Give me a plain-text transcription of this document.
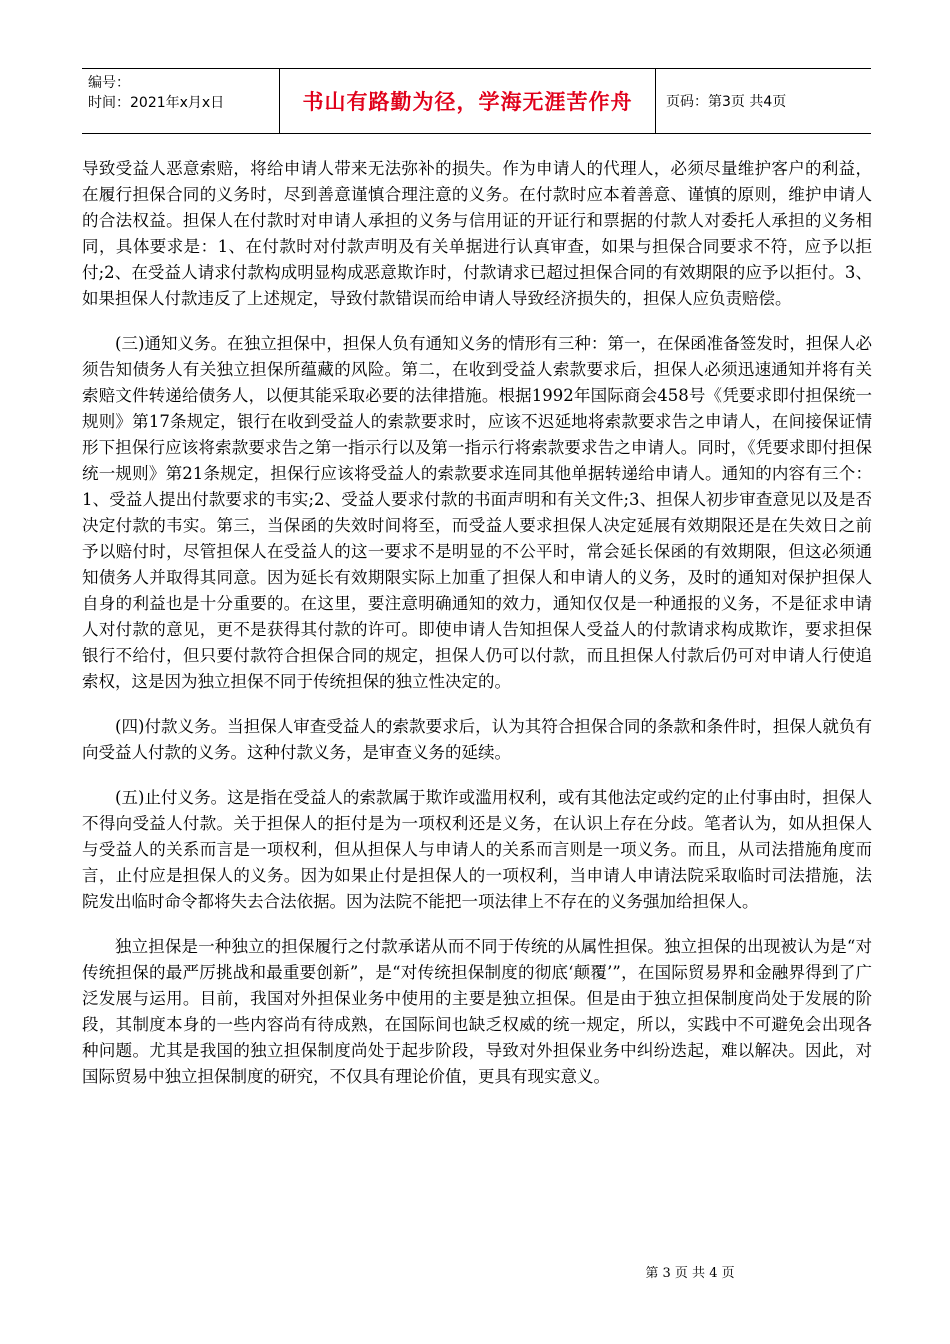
编号：
时间：2021年x月x日	书山有路勤为径，学海无涯苦作舟	页码：第3页 共4页

导致受益人恶意索赔，将给申请人带来无法弥补的损失。作为申请人的代理人，必须尽量维护客户的利益，在履行担保合同的义务时，尽到善意谨慎合理注意的义务。在付款时应本着善意、谨慎的原则，维护申请人的合法权益。担保人在付款时对申请人承担的义务与信用证的开证行和票据的付款人对委托人承担的义务相同，具体要求是：1、在付款时对付款声明及有关单据进行认真审查，如果与担保合同要求不符，应予以拒付;2、在受益人请求付款构成明显构成恶意欺诈时，付款请求已超过担保合同的有效期限的应予以拒付。3、如果担保人付款违反了上述规定，导致付款错误而给申请人导致经济损失的，担保人应负责赔偿。

(三)通知义务。在独立担保中，担保人负有通知义务的情形有三种：第一，在保函准备签发时，担保人必须告知债务人有关独立担保所蕴藏的风险。第二，在收到受益人索款要求后，担保人必须迅速通知并将有关索赔文件转递给债务人，以便其能采取必要的法律措施。根据1992年国际商会458号《凭要求即付担保统一规则》第17条规定，银行在收到受益人的索款要求时，应该不迟延地将索款要求告之申请人，在间接保证情形下担保行应该将索款要求告之第一指示行以及第一指示行将索款要求告之申请人。同时，《凭要求即付担保统一规则》第21条规定，担保行应该将受益人的索款要求连同其他单据转递给申请人。通知的内容有三个：1、受益人提出付款要求的韦实;2、受益人要求付款的书面声明和有关文件;3、担保人初步审查意见以及是否决定付款的韦实。第三，当保函的失效时间将至，而受益人要求担保人决定延展有效期限还是在失效日之前予以赔付时，尽管担保人在受益人的这一要求不是明显的不公平时，常会延长保函的有效期限，但这必须通知债务人并取得其同意。因为延长有效期限实际上加重了担保人和申请人的义务，及时的通知对保护担保人自身的利益也是十分重要的。在这里，要注意明确通知的效力，通知仅仅是一种通报的义务，不是征求申请人对付款的意见，更不是获得其付款的许可。即使申请人告知担保人受益人的付款请求构成欺诈，要求担保银行不给付，但只要付款符合担保合同的规定，担保人仍可以付款，而且担保人付款后仍可对申请人行使追索权，这是因为独立担保不同于传统担保的独立性决定的。

(四)付款义务。当担保人审查受益人的索款要求后，认为其符合担保合同的条款和条件时，担保人就负有向受益人付款的义务。这种付款义务，是审查义务的延续。

(五)止付义务。这是指在受益人的索款属于欺诈或滥用权利，或有其他法定或约定的止付事由时，担保人不得向受益人付款。关于担保人的拒付是为一项权利还是义务，在认识上存在分歧。笔者认为，如从担保人与受益人的关系而言是一项权利，但从担保人与申请人的关系而言则是一项义务。而且，从司法措施角度而言，止付应是担保人的义务。因为如果止付是担保人的一项权利，当申请人申请法院采取临时司法措施，法院发出临时命令都将失去合法依据。因为法院不能把一项法律上不存在的义务强加给担保人。

独立担保是一种独立的担保履行之付款承诺从而不同于传统的从属性担保。独立担保的出现被认为是“对传统担保的最严厉挑战和最重要创新”，是“对传统担保制度的彻底‘颠覆’”，在国际贸易界和金融界得到了广泛发展与运用。目前，我国对外担保业务中使用的主要是独立担保。但是由于独立担保制度尚处于发展的阶段，其制度本身的一些内容尚有待成熟，在国际间也缺乏权威的统一规定，所以，实践中不可避免会出现各种问题。尤其是我国的独立担保制度尚处于起步阶段，导致对外担保业务中纠纷迭起，难以解决。因此，对国际贸易中独立担保制度的研究，不仅具有理论价值，更具有现实意义。

第 3 页 共 4 页
